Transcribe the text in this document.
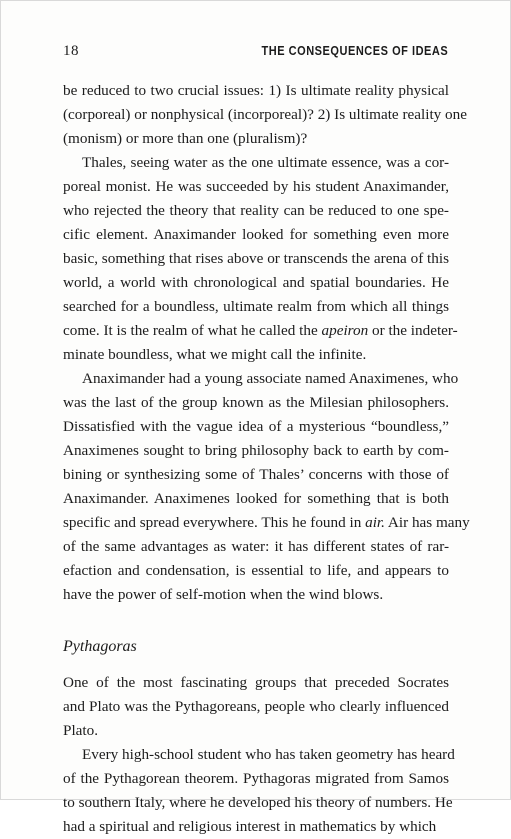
18	THE CONSEQUENCES OF IDEAS
be reduced to two crucial issues: 1) Is ultimate reality physical
(corporeal) or nonphysical (incorporeal)? 2) Is ultimate reality one
(monism) or more than one (pluralism)?
Thales, seeing water as the one ultimate essence, was a cor-
poreal monist. He was succeeded by his student Anaximander,
who rejected the theory that reality can be reduced to one spe-
cific element. Anaximander looked for something even more
basic, something that rises above or transcends the arena of this
world, a world with chronological and spatial boundaries. He
searched for a boundless, ultimate realm from which all things
come. It is the realm of what he called the apeiron or the indeter-
minate boundless, what we might call the infinite.
Anaximander had a young associate named Anaximenes, who
was the last of the group known as the Milesian philosophers.
Dissatisfied with the vague idea of a mysterious “boundless,”
Anaximenes sought to bring philosophy back to earth by com-
bining or synthesizing some of Thales’ concerns with those of
Anaximander. Anaximenes looked for something that is both
specific and spread everywhere. This he found in air. Air has many
of the same advantages as water: it has different states of rar-
efaction and condensation, is essential to life, and appears to
have the power of self-motion when the wind blows.
Pythagoras
One of the most fascinating groups that preceded Socrates
and Plato was the Pythagoreans, people who clearly influenced
Plato.
Every high-school student who has taken geometry has heard
of the Pythagorean theorem. Pythagoras migrated from Samos
to southern Italy, where he developed his theory of numbers. He
had a spiritual and religious interest in mathematics by which
